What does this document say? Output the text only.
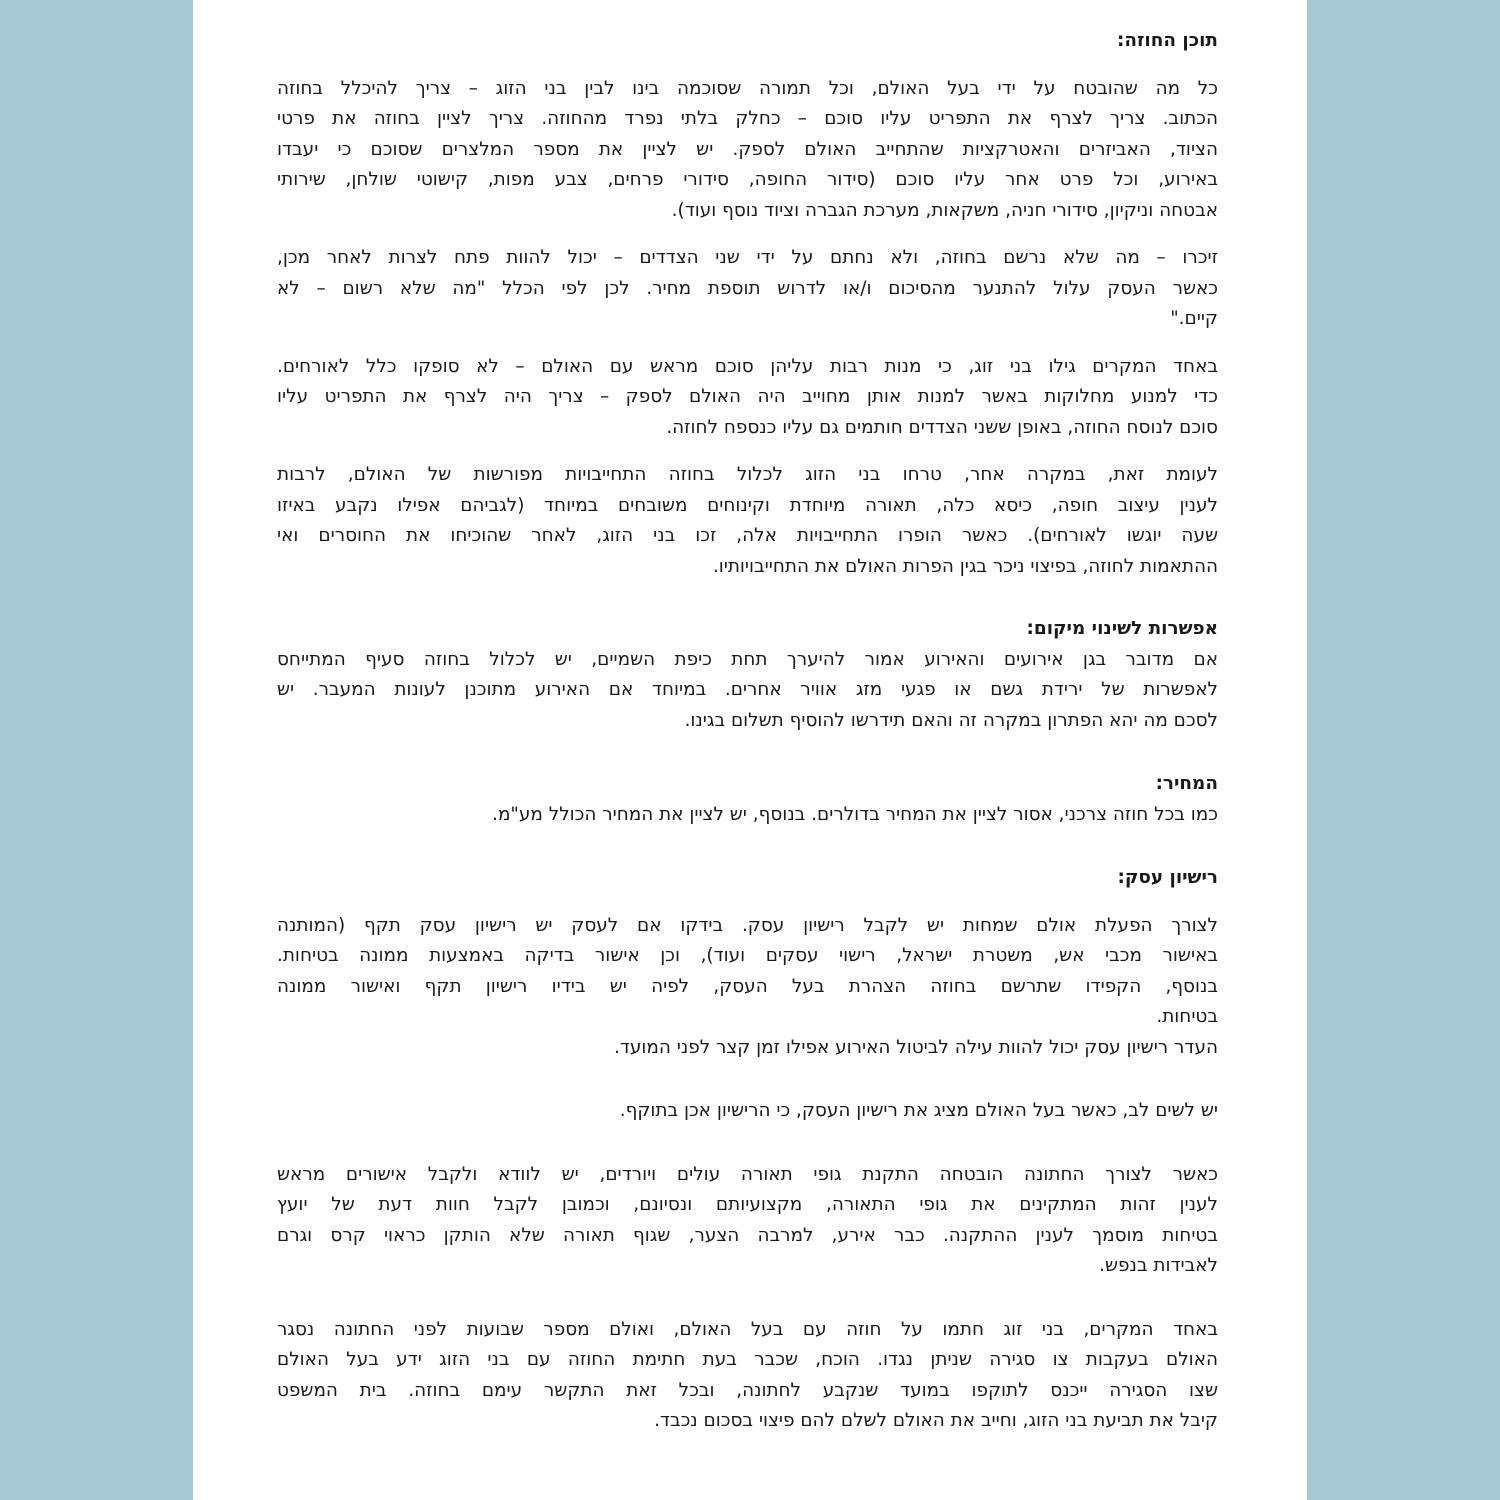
תוכן החוזה:

כל מה שהובטח על ידי בעל האולם, וכל תמורה שסוכמה בינו לבין בני הזוג – צריך להיכלל בחוזה
הכתוב. צריך לצרף את התפריט עליו סוכם – כחלק בלתי נפרד מהחוזה. צריך לציין בחוזה את פרטי
הציוד, האביזרים והאטרקציות שהתחייב האולם לספק. יש לציין את מספר המלצרים שסוכם כי יעבדו
באירוע, וכל פרט אחר עליו סוכם (סידור החופה, סידורי פרחים, צבע מפות, קישוטי שולחן, שירותי
אבטחה וניקיון, סידורי חניה, משקאות, מערכת הגברה וציוד נוסף ועוד).

זיכרו – מה שלא נרשם בחוזה, ולא נחתם על ידי שני הצדדים – יכול להוות פתח לצרות לאחר מכן,
כאשר העסק עלול להתנער מהסיכום ו/או לדרוש תוספת מחיר. לכן לפי הכלל "מה שלא רשום – לא
קיים."

באחד המקרים גילו בני זוג, כי מנות רבות עליהן סוכם מראש עם האולם – לא סופקו כלל לאורחים.
כדי למנוע מחלוקות באשר למנות אותן מחוייב היה האולם לספק – צריך היה לצרף את התפריט עליו
סוכם לנוסח החוזה, באופן ששני הצדדים חותמים גם עליו כנספח לחוזה.

לעומת זאת, במקרה אחר, טרחו בני הזוג לכלול בחוזה התחייבויות מפורשות של האולם, לרבות
לענין עיצוב חופה, כיסא כלה, תאורה מיוחדת וקינוחים משובחים במיוחד (לגביהם אפילו נקבע באיזו
שעה יוגשו לאורחים). כאשר הופרו התחייבויות אלה, זכו בני הזוג, לאחר שהוכיחו את החוסרים ואי
ההתאמות לחוזה, בפיצוי ניכר בגין הפרות האולם את התחייבויותיו.

אפשרות לשינוי מיקום:

אם מדובר בגן אירועים והאירוע אמור להיערך תחת כיפת השמיים, יש לכלול בחוזה סעיף המתייחס
לאפשרות של ירידת גשם או פגעי מזג אוויר אחרים. במיוחד אם האירוע מתוכנן לעונות המעבר. יש
לסכם מה יהא הפתרון במקרה זה והאם תידרשו להוסיף תשלום בגינו.

המחיר:

כמו בכל חוזה צרכני, אסור לציין את המחיר בדולרים. בנוסף, יש לציין את המחיר הכולל מע"מ.

רישיון עסק:

לצורך הפעלת אולם שמחות יש לקבל רישיון עסק. בידקו אם לעסק יש רישיון עסק תקף (המותנה
באישור מכבי אש, משטרת ישראל, רישוי עסקים ועוד), וכן אישור בדיקה באמצעות ממונה בטיחות.
בנוסף, הקפידו שתרשם בחוזה הצהרת בעל העסק, לפיה יש בידיו רישיון תקף ואישור ממונה
בטיחות.
העדר רישיון עסק יכול להוות עילה לביטול האירוע אפילו זמן קצר לפני המועד.

יש לשים לב, כאשר בעל האולם מציג את רישיון העסק, כי הרישיון אכן בתוקף.

כאשר לצורך החתונה הובטחה התקנת גופי תאורה עולים ויורדים, יש לוודא ולקבל אישורים מראש
לענין זהות המתקינים את גופי התאורה, מקצועיותם ונסיונם, וכמובן לקבל חוות דעת של יועץ
בטיחות מוסמך לענין ההתקנה. כבר אירע, למרבה הצער, שגוף תאורה שלא הותקן כראוי קרס וגרם
לאבידות בנפש.

באחד המקרים, בני זוג חתמו על חוזה עם בעל האולם, ואולם מספר שבועות לפני החתונה נסגר
האולם בעקבות צו סגירה שניתן נגדו. הוכח, שכבר בעת חתימת החוזה עם בני הזוג ידע בעל האולם
שצו הסגירה ייכנס לתוקפו במועד שנקבע לחתונה, ובכל זאת התקשר עימם בחוזה. בית המשפט
קיבל את תביעת בני הזוג, וחייב את האולם לשלם להם פיצוי בסכום נכבד.
